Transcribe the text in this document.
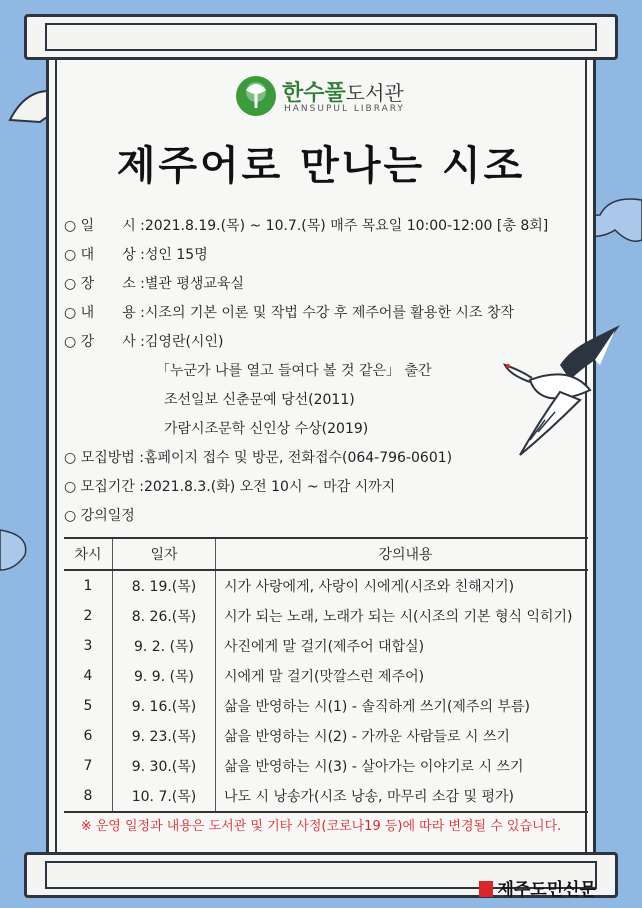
한수풀도서관
HANSUPUL LIBRARY
제주어로 만나는 시조
○ 일　　시 :2021.8.19.(목) ~ 10.7.(목) 매주 목요일 10:00-12:00 [총 8회]
○ 대　　상 :성인 15명
○ 장　　소 :별관 평생교육실
○ 내　　용 :시조의 기본 이론 및 작법 수강 후 제주어를 활용한 시조 창작
○ 강　　사 :김영란(시인)
「누군가 나를 열고 들여다 볼 것 같은」 출간
조선일보 신춘문예 당선(2011)
가람시조문학 신인상 수상(2019)
○ 모집방법 :홈페이지 접수 및 방문, 전화접수(064-796-0601)
○ 모집기간 :2021.8.3.(화) 오전 10시 ~ 마감 시까지
○ 강의일정
차시	일자	강의내용
1	8. 19.(목)	시가 사랑에게, 사랑이 시에게(시조와 친해지기)
2	8. 26.(목)	시가 되는 노래, 노래가 되는 시(시조의 기본 형식 익히기)
3	9. 2. (목)	사진에게 말 걸기(제주어 대합실)
4	9. 9. (목)	시에게 말 걸기(맛깔스런 제주어)
5	9. 16.(목)	삶을 반영하는 시(1) - 솔직하게 쓰기(제주의 부름)
6	9. 23.(목)	삶을 반영하는 시(2) - 가까운 사람들로 시 쓰기
7	9. 30.(목)	삶을 반영하는 시(3) - 살아가는 이야기로 시 쓰기
8	10. 7.(목)	나도 시 낭송가(시조 낭송, 마무리 소감 및 평가)
※ 운영 일정과 내용은 도서관 및 기타 사정(코로나19 등)에 따라 변경될 수 있습니다.
제주도민신문
